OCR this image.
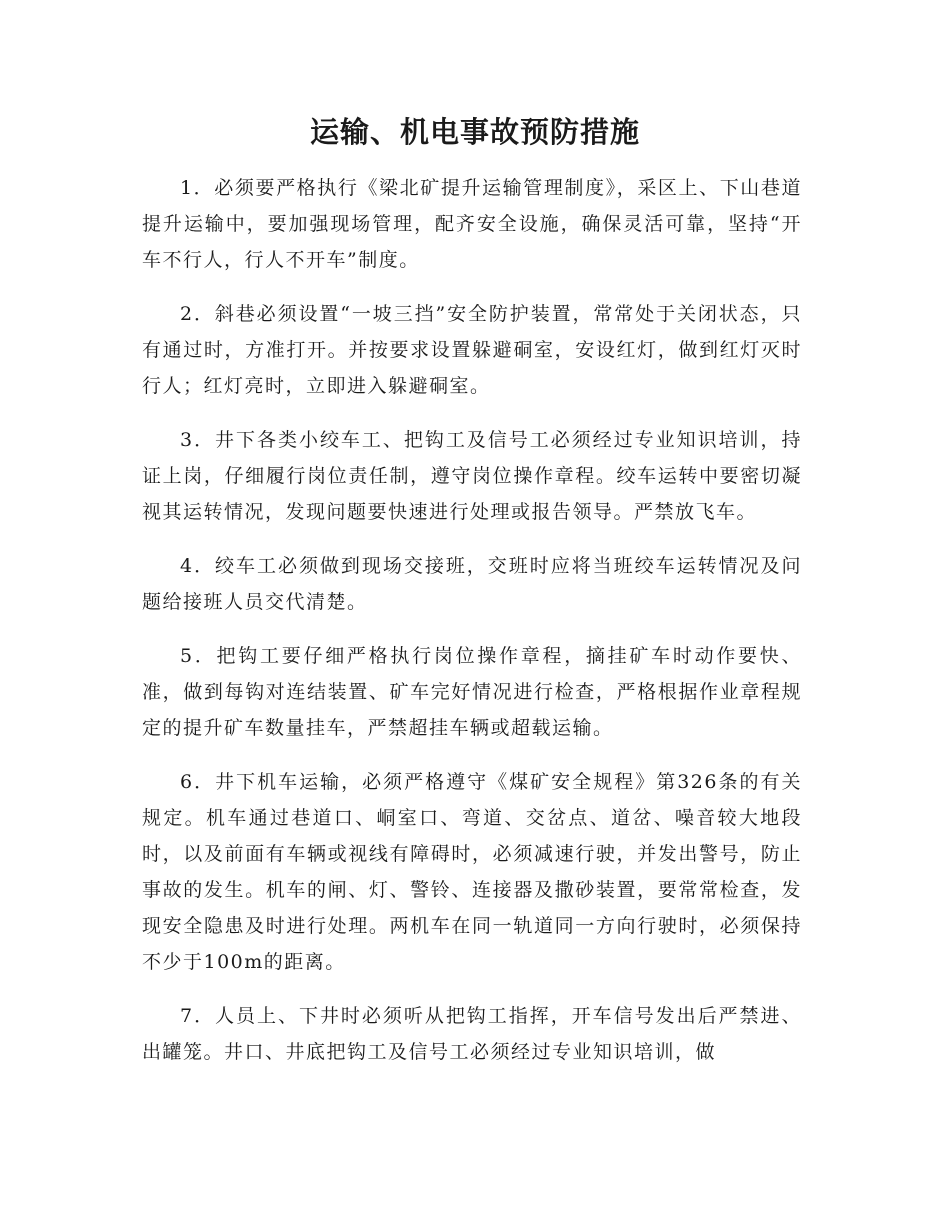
运输、机电事故预防措施

1．必须要严格执行《梁北矿提升运输管理制度》，采区上、下山巷道提升运输中，要加强现场管理，配齐安全设施，确保灵活可靠，坚持“开车不行人，行人不开车”制度。

2．斜巷必须设置“一坡三挡”安全防护装置，常常处于关闭状态，只有通过时，方准打开。并按要求设置躲避硐室，安设红灯，做到红灯灭时行人；红灯亮时，立即进入躲避硐室。

3．井下各类小绞车工、把钩工及信号工必须经过专业知识培训，持证上岗，仔细履行岗位责任制，遵守岗位操作章程。绞车运转中要密切凝视其运转情况，发现问题要快速进行处理或报告领导。严禁放飞车。

4．绞车工必须做到现场交接班，交班时应将当班绞车运转情况及问题给接班人员交代清楚。

5．把钩工要仔细严格执行岗位操作章程，摘挂矿车时动作要快、准，做到每钩对连结装置、矿车完好情况进行检查，严格根据作业章程规定的提升矿车数量挂车，严禁超挂车辆或超载运输。

6．井下机车运输，必须严格遵守《煤矿安全规程》第326条的有关规定。机车通过巷道口、峒室口、弯道、交岔点、道岔、噪音较大地段时，以及前面有车辆或视线有障碍时，必须减速行驶，并发出警号，防止事故的发生。机车的闸、灯、警铃、连接器及撒砂装置，要常常检查，发现安全隐患及时进行处理。两机车在同一轨道同一方向行驶时，必须保持不少于100m的距离。

7．人员上、下井时必须听从把钩工指挥，开车信号发出后严禁进、出罐笼。井口、井底把钩工及信号工必须经过专业知识培训，做
